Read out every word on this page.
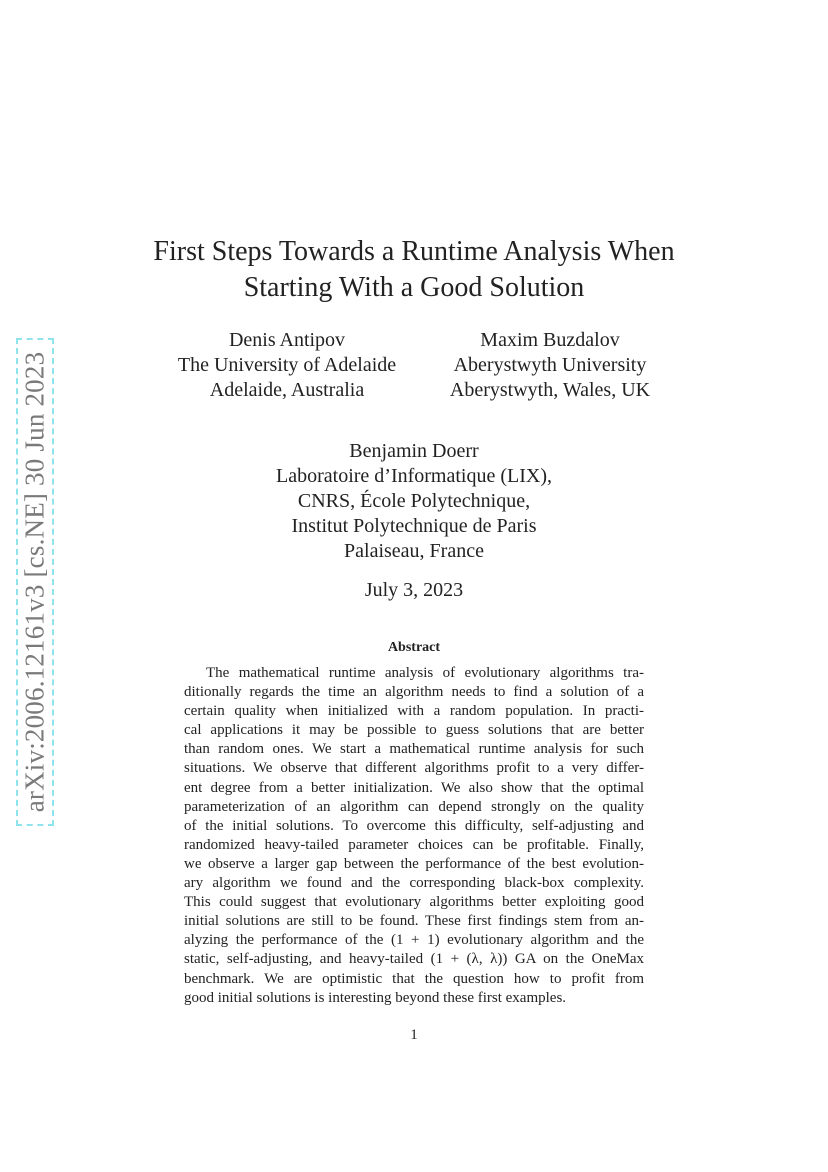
arXiv:2006.12161v3 [cs.NE] 30 Jun 2023
First Steps Towards a Runtime Analysis When
Starting With a Good Solution
Denis Antipov
The University of Adelaide
Adelaide, Australia
Maxim Buzdalov
Aberystwyth University
Aberystwyth, Wales, UK
Benjamin Doerr
Laboratoire d’Informatique (LIX),
CNRS, École Polytechnique,
Institut Polytechnique de Paris
Palaiseau, France
July 3, 2023
Abstract
The mathematical runtime analysis of evolutionary algorithms tra-
ditionally regards the time an algorithm needs to find a solution of a
certain quality when initialized with a random population. In practi-
cal applications it may be possible to guess solutions that are better
than random ones. We start a mathematical runtime analysis for such
situations. We observe that different algorithms profit to a very differ-
ent degree from a better initialization. We also show that the optimal
parameterization of an algorithm can depend strongly on the quality
of the initial solutions. To overcome this difficulty, self-adjusting and
randomized heavy-tailed parameter choices can be profitable. Finally,
we observe a larger gap between the performance of the best evolution-
ary algorithm we found and the corresponding black-box complexity.
This could suggest that evolutionary algorithms better exploiting good
initial solutions are still to be found. These first findings stem from an-
alyzing the performance of the (1 + 1) evolutionary algorithm and the
static, self-adjusting, and heavy-tailed (1 + (λ, λ)) GA on the OneMax
benchmark. We are optimistic that the question how to profit from
good initial solutions is interesting beyond these first examples.
1
